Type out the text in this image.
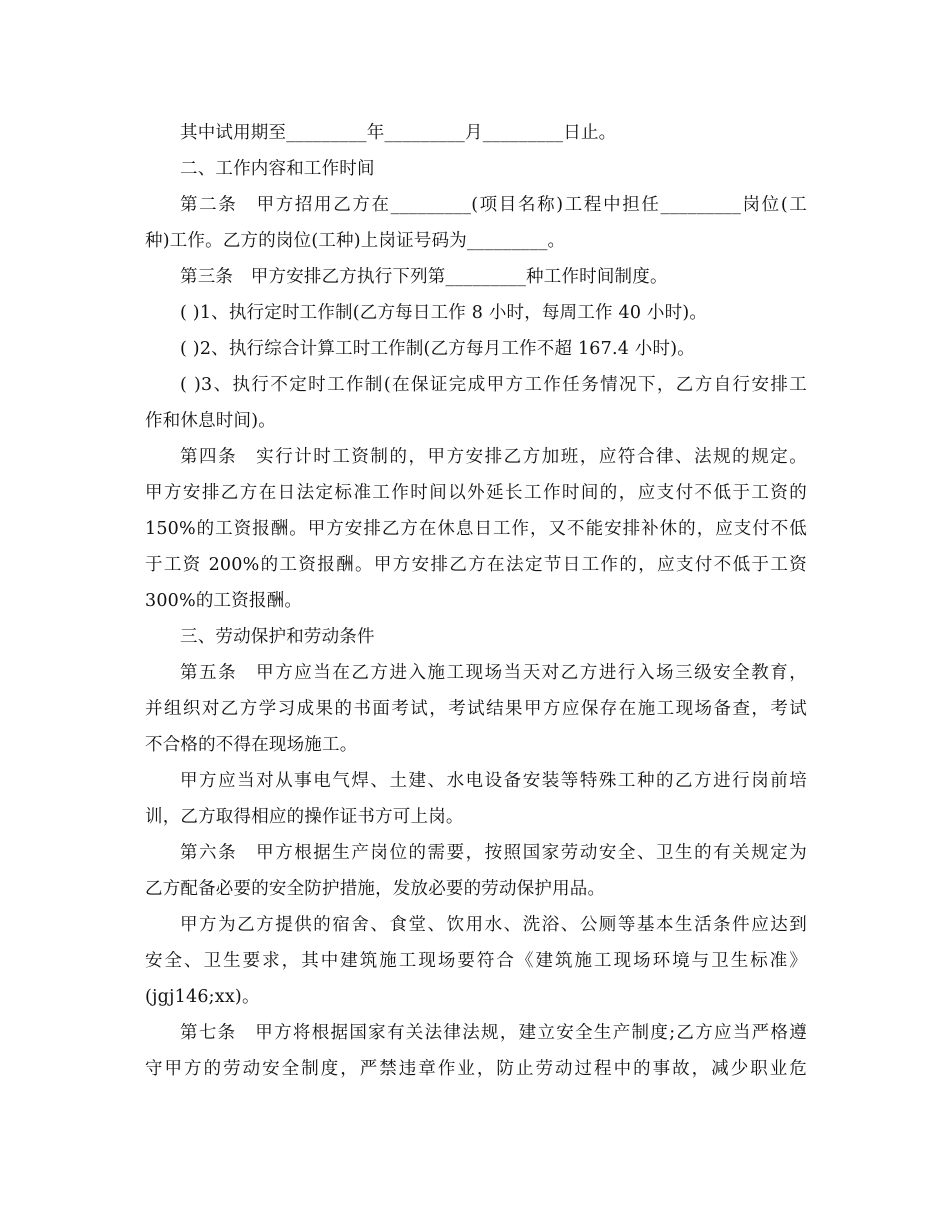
其中试用期至_________年_________月_________日止。
二、工作内容和工作时间
第二条　甲方招用乙方在_________(项目名称)工程中担任_________岗位(工
种)工作。乙方的岗位(工种)上岗证号码为_________。
第三条　甲方安排乙方执行下列第_________种工作时间制度。
( )1、执行定时工作制(乙方每日工作 8 小时，每周工作 40 小时)。
( )2、执行综合计算工时工作制(乙方每月工作不超 167.4 小时)。
( )3、执行不定时工作制(在保证完成甲方工作任务情况下，乙方自行安排工
作和休息时间)。
第四条　实行计时工资制的，甲方安排乙方加班，应符合律、法规的规定。
甲方安排乙方在日法定标准工作时间以外延长工作时间的，应支付不低于工资的
150%的工资报酬。甲方安排乙方在休息日工作，又不能安排补休的，应支付不低
于工资 200%的工资报酬。甲方安排乙方在法定节日工作的，应支付不低于工资
300%的工资报酬。
三、劳动保护和劳动条件
第五条　甲方应当在乙方进入施工现场当天对乙方进行入场三级安全教育，
并组织对乙方学习成果的书面考试，考试结果甲方应保存在施工现场备查，考试
不合格的不得在现场施工。
甲方应当对从事电气焊、土建、水电设备安装等特殊工种的乙方进行岗前培
训，乙方取得相应的操作证书方可上岗。
第六条　甲方根据生产岗位的需要，按照国家劳动安全、卫生的有关规定为
乙方配备必要的安全防护措施，发放必要的劳动保护用品。
甲方为乙方提供的宿舍、食堂、饮用水、洗浴、公厕等基本生活条件应达到
安全、卫生要求，其中建筑施工现场要符合《建筑施工现场环境与卫生标准》
(jgj146;xx)。
第七条　甲方将根据国家有关法律法规，建立安全生产制度;乙方应当严格遵
守甲方的劳动安全制度，严禁违章作业，防止劳动过程中的事故，减少职业危
